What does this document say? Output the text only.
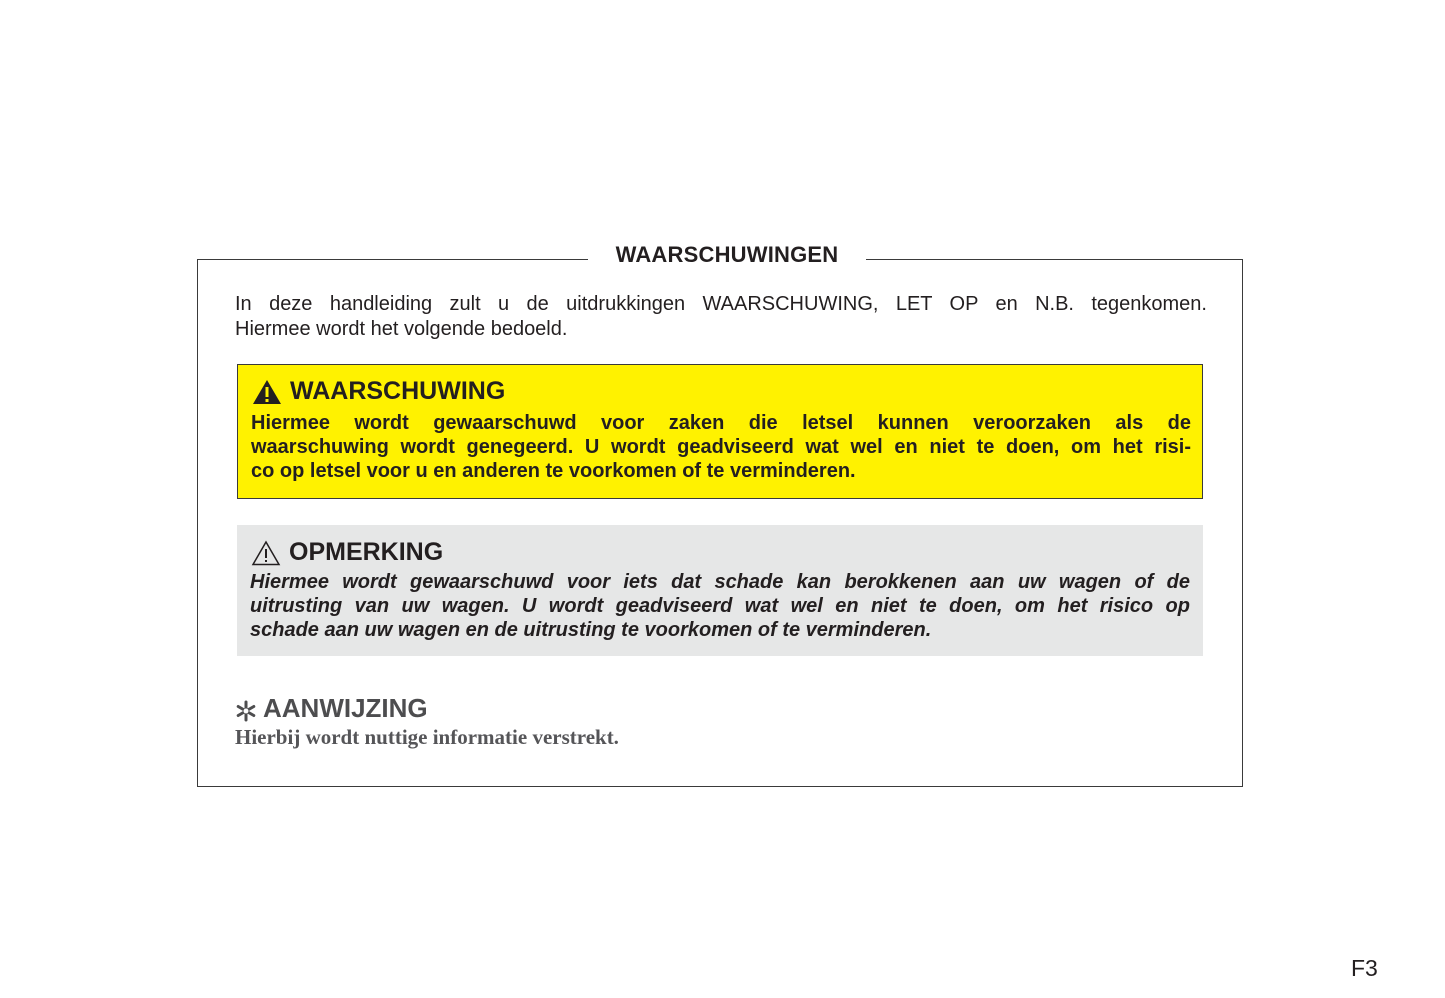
WAARSCHUWINGEN
In deze handleiding zult u de uitdrukkingen WAARSCHUWING, LET OP en N.B. tegenkomen.
Hiermee wordt het volgende bedoeld.
WAARSCHUWING
Hiermee wordt gewaarschuwd voor zaken die letsel kunnen veroorzaken als de
waarschuwing wordt genegeerd. U wordt geadviseerd wat wel en niet te doen, om het risi-
co op letsel voor u en anderen te voorkomen of te verminderen.
OPMERKING
Hiermee wordt gewaarschuwd voor iets dat schade kan berokkenen aan uw wagen of de
uitrusting van uw wagen. U wordt geadviseerd wat wel en niet te doen, om het risico op
schade aan uw wagen en de uitrusting te voorkomen of te verminderen.
AANWIJZING
Hierbij wordt nuttige informatie verstrekt.
F3
